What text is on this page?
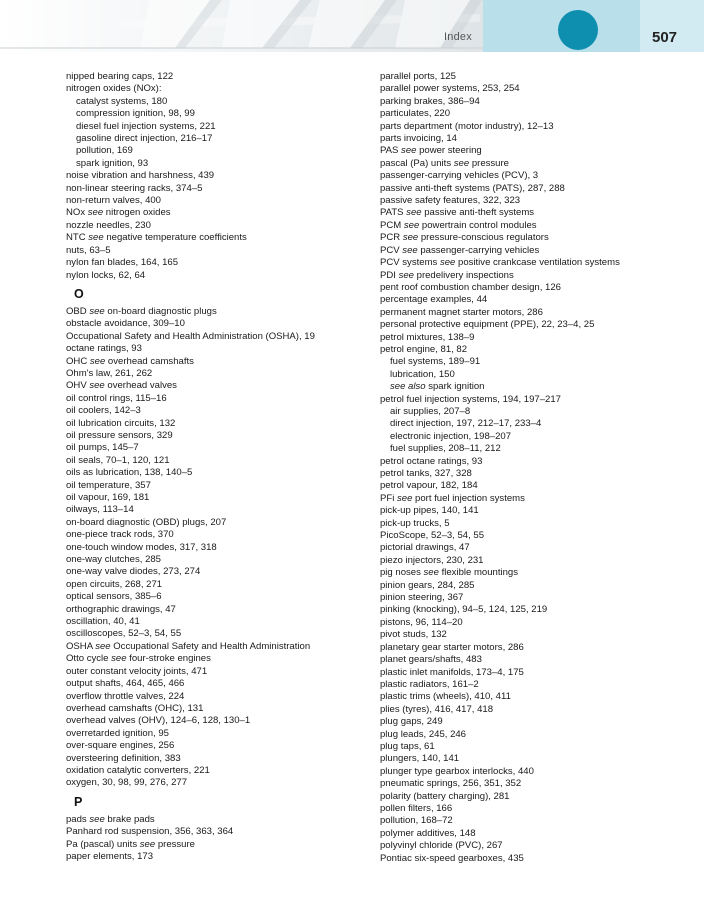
Index	507
nipped bearing caps, 122
nitrogen oxides (NOx):
catalyst systems, 180
compression ignition, 98, 99
diesel fuel injection systems, 221
gasoline direct injection, 216–17
pollution, 169
spark ignition, 93
noise vibration and harshness, 439
non-linear steering racks, 374–5
non-return valves, 400
NOx see nitrogen oxides
nozzle needles, 230
NTC see negative temperature coefficients
nuts, 63–5
nylon fan blades, 164, 165
nylon locks, 62, 64
O
OBD see on-board diagnostic plugs
obstacle avoidance, 309–10
Occupational Safety and Health Administration (OSHA), 19
octane ratings, 93
OHC see overhead camshafts
Ohm's law, 261, 262
OHV see overhead valves
oil control rings, 115–16
oil coolers, 142–3
oil lubrication circuits, 132
oil pressure sensors, 329
oil pumps, 145–7
oil seals, 70–1, 120, 121
oils as lubrication, 138, 140–5
oil temperature, 357
oil vapour, 169, 181
oilways, 113–14
on-board diagnostic (OBD) plugs, 207
one-piece track rods, 370
one-touch window modes, 317, 318
one-way clutches, 285
one-way valve diodes, 273, 274
open circuits, 268, 271
optical sensors, 385–6
orthographic drawings, 47
oscillation, 40, 41
oscilloscopes, 52–3, 54, 55
OSHA see Occupational Safety and Health Administration
Otto cycle see four-stroke engines
outer constant velocity joints, 471
output shafts, 464, 465, 466
overflow throttle valves, 224
overhead camshafts (OHC), 131
overhead valves (OHV), 124–6, 128, 130–1
overretarded ignition, 95
over-square engines, 256
oversteering definition, 383
oxidation catalytic converters, 221
oxygen, 30, 98, 99, 276, 277
P
pads see brake pads
Panhard rod suspension, 356, 363, 364
Pa (pascal) units see pressure
paper elements, 173
parallel ports, 125
parallel power systems, 253, 254
parking brakes, 386–94
particulates, 220
parts department (motor industry), 12–13
parts invoicing, 14
PAS see power steering
pascal (Pa) units see pressure
passenger-carrying vehicles (PCV), 3
passive anti-theft systems (PATS), 287, 288
passive safety features, 322, 323
PATS see passive anti-theft systems
PCM see powertrain control modules
PCR see pressure-conscious regulators
PCV see passenger-carrying vehicles
PCV systems see positive crankcase ventilation systems
PDI see predelivery inspections
pent roof combustion chamber design, 126
percentage examples, 44
permanent magnet starter motors, 286
personal protective equipment (PPE), 22, 23–4, 25
petrol mixtures, 138–9
petrol engine, 81, 82
fuel systems, 189–91
lubrication, 150
see also spark ignition
petrol fuel injection systems, 194, 197–217
air supplies, 207–8
direct injection, 197, 212–17, 233–4
electronic injection, 198–207
fuel supplies, 208–11, 212
petrol octane ratings, 93
petrol tanks, 327, 328
petrol vapour, 182, 184
PFi see port fuel injection systems
pick-up pipes, 140, 141
pick-up trucks, 5
PicoScope, 52–3, 54, 55
pictorial drawings, 47
piezo injectors, 230, 231
pig noses see flexible mountings
pinion gears, 284, 285
pinion steering, 367
pinking (knocking), 94–5, 124, 125, 219
pistons, 96, 114–20
pivot studs, 132
planetary gear starter motors, 286
planet gears/shafts, 483
plastic inlet manifolds, 173–4, 175
plastic radiators, 161–2
plastic trims (wheels), 410, 411
plies (tyres), 416, 417, 418
plug gaps, 249
plug leads, 245, 246
plug taps, 61
plungers, 140, 141
plunger type gearbox interlocks, 440
pneumatic springs, 256, 351, 352
polarity (battery charging), 281
pollen filters, 166
pollution, 168–72
polymer additives, 148
polyvinyl chloride (PVC), 267
Pontiac six-speed gearboxes, 435
